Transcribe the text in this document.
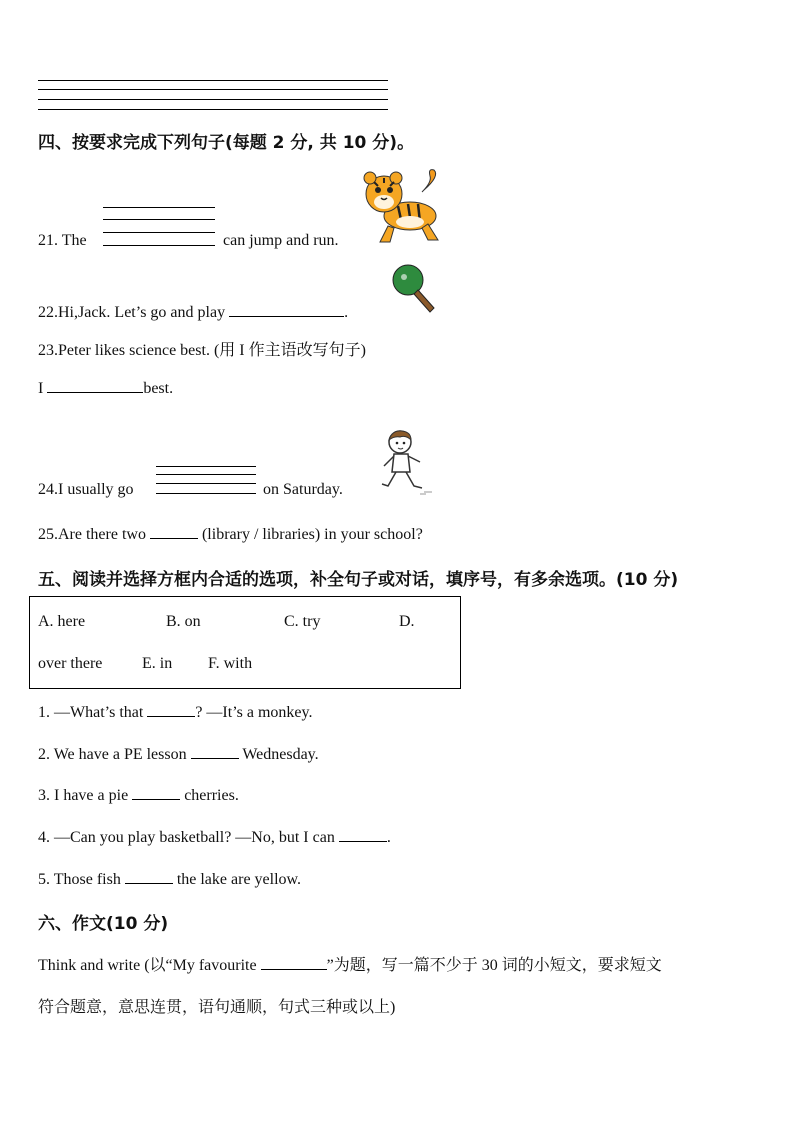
四、按要求完成下列句子(每题 2 分, 共 10 分)。
21. The	can jump and run.
22.Hi,Jack. Let’s go and play	.
23.Peter likes science best. (用 I 作主语改写句子)
I	best.
24.I usually go	on Saturday.
25.Are there two	(library / libraries) in your school?
五、阅读并选择方框内合适的选项，补全句子或对话，填序号，有多余选项。(10 分)
A. here	B. on	C. try	D.
over there E. in F. with
1. —What’s that	? —It’s a monkey.
2. We have a PE lesson	Wednesday.
3. I have a pie	cherries.
4. —Can you play basketball? —No, but I can	.
5. Those fish	the lake are yellow.
六、作文(10 分)
Think and write (以“My favourite	”为题，写一篇不少于 30 词的小短文，要求短文
符合题意，意思连贯，语句通顺，句式三种或以上)
